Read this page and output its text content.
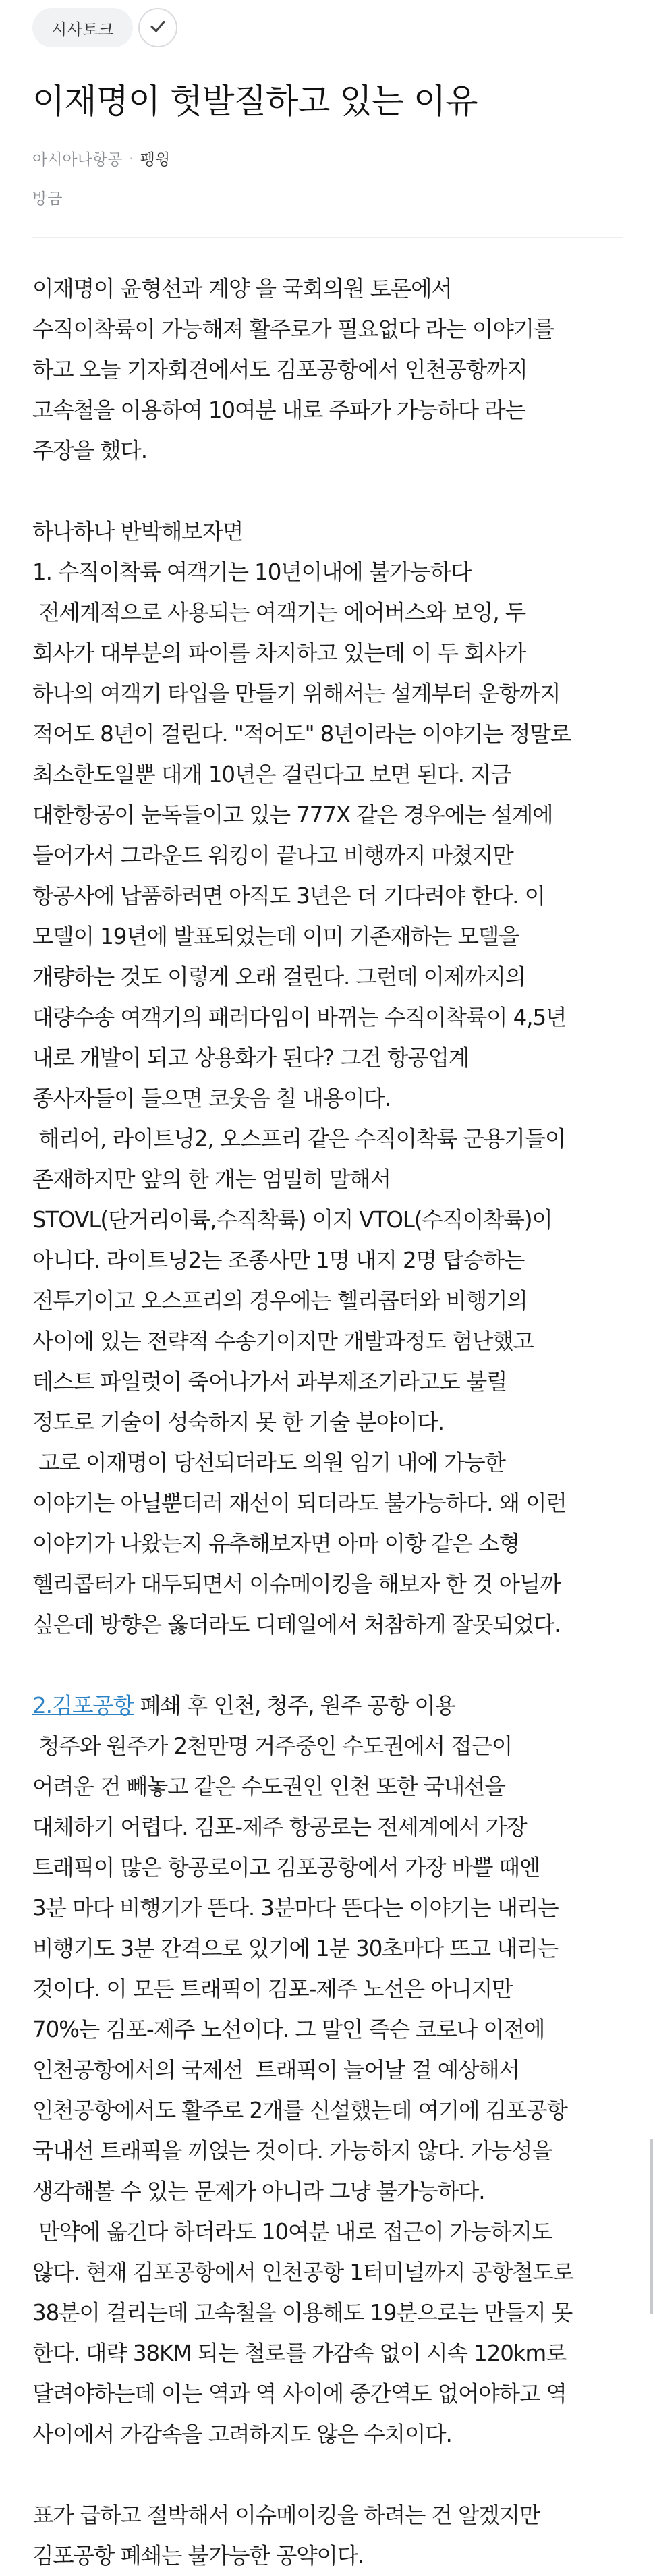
시사토크
이재명이 헛발질하고 있는 이유
아시아나항공 · 펭윙
방금
이재명이 윤형선과 계양 을 국회의원 토론에서
수직이착륙이 가능해져 활주로가 필요없다 라는 이야기를
하고 오늘 기자회견에서도 김포공항에서 인천공항까지
고속철을 이용하여 10여분 내로 주파가 가능하다 라는
주장을 했다.
하나하나 반박해보자면
1. 수직이착륙 여객기는 10년이내에 불가능하다
전세계적으로 사용되는 여객기는 에어버스와 보잉, 두
회사가 대부분의 파이를 차지하고 있는데 이 두 회사가
하나의 여객기 타입을 만들기 위해서는 설계부터 운항까지
적어도 8년이 걸린다. "적어도" 8년이라는 이야기는 정말로
최소한도일뿐 대개 10년은 걸린다고 보면 된다. 지금
대한항공이 눈독들이고 있는 777X 같은 경우에는 설계에
들어가서 그라운드 워킹이 끝나고 비행까지 마쳤지만
항공사에 납품하려면 아직도 3년은 더 기다려야 한다. 이
모델이 19년에 발표되었는데 이미 기존재하는 모델을
개량하는 것도 이렇게 오래 걸린다. 그런데 이제까지의
대량수송 여객기의 패러다임이 바뀌는 수직이착륙이 4,5년
내로 개발이 되고 상용화가 된다? 그건 항공업계
종사자들이 들으면 코웃음 칠 내용이다.
해리어, 라이트닝2, 오스프리 같은 수직이착륙 군용기들이
존재하지만 앞의 한 개는 엄밀히 말해서
STOVL(단거리이륙,수직착륙) 이지 VTOL(수직이착륙)이
아니다. 라이트닝2는 조종사만 1명 내지 2명 탑승하는
전투기이고 오스프리의 경우에는 헬리콥터와 비행기의
사이에 있는 전략적 수송기이지만 개발과정도 험난했고
테스트 파일럿이 죽어나가서 과부제조기라고도 불릴
정도로 기술이 성숙하지 못 한 기술 분야이다.
고로 이재명이 당선되더라도 의원 임기 내에 가능한
이야기는 아닐뿐더러 재선이 되더라도 불가능하다. 왜 이런
이야기가 나왔는지 유추해보자면 아마 이항 같은 소형
헬리콥터가 대두되면서 이슈메이킹을 해보자 한 것 아닐까
싶은데 방향은 옳더라도 디테일에서 처참하게 잘못되었다.
2.김포공항 폐쇄 후 인천, 청주, 원주 공항 이용
청주와 원주가 2천만명 거주중인 수도권에서 접근이
어려운 건 빼놓고 같은 수도권인 인천 또한 국내선을
대체하기 어렵다. 김포-제주 항공로는 전세계에서 가장
트래픽이 많은 항공로이고 김포공항에서 가장 바쁠 때엔
3분 마다 비행기가 뜬다. 3분마다 뜬다는 이야기는 내리는
비행기도 3분 간격으로 있기에 1분 30초마다 뜨고 내리는
것이다. 이 모든 트래픽이 김포-제주 노선은 아니지만
70%는 김포-제주 노선이다. 그 말인 즉슨 코로나 이전에
인천공항에서의 국제선  트래픽이 늘어날 걸 예상해서
인천공항에서도 활주로 2개를 신설했는데 여기에 김포공항
국내선 트래픽을 끼얹는 것이다. 가능하지 않다. 가능성을
생각해볼 수 있는 문제가 아니라 그냥 불가능하다.
만약에 옮긴다 하더라도 10여분 내로 접근이 가능하지도
않다. 현재 김포공항에서 인천공항 1터미널까지 공항철도로
38분이 걸리는데 고속철을 이용해도 19분으로는 만들지 못
한다. 대략 38KM 되는 철로를 가감속 없이 시속 120km로
달려야하는데 이는 역과 역 사이에 중간역도 없어야하고 역
사이에서 가감속을 고려하지도 않은 수치이다.
표가 급하고 절박해서 이슈메이킹을 하려는 건 알겠지만
김포공항 폐쇄는 불가능한 공약이다.
